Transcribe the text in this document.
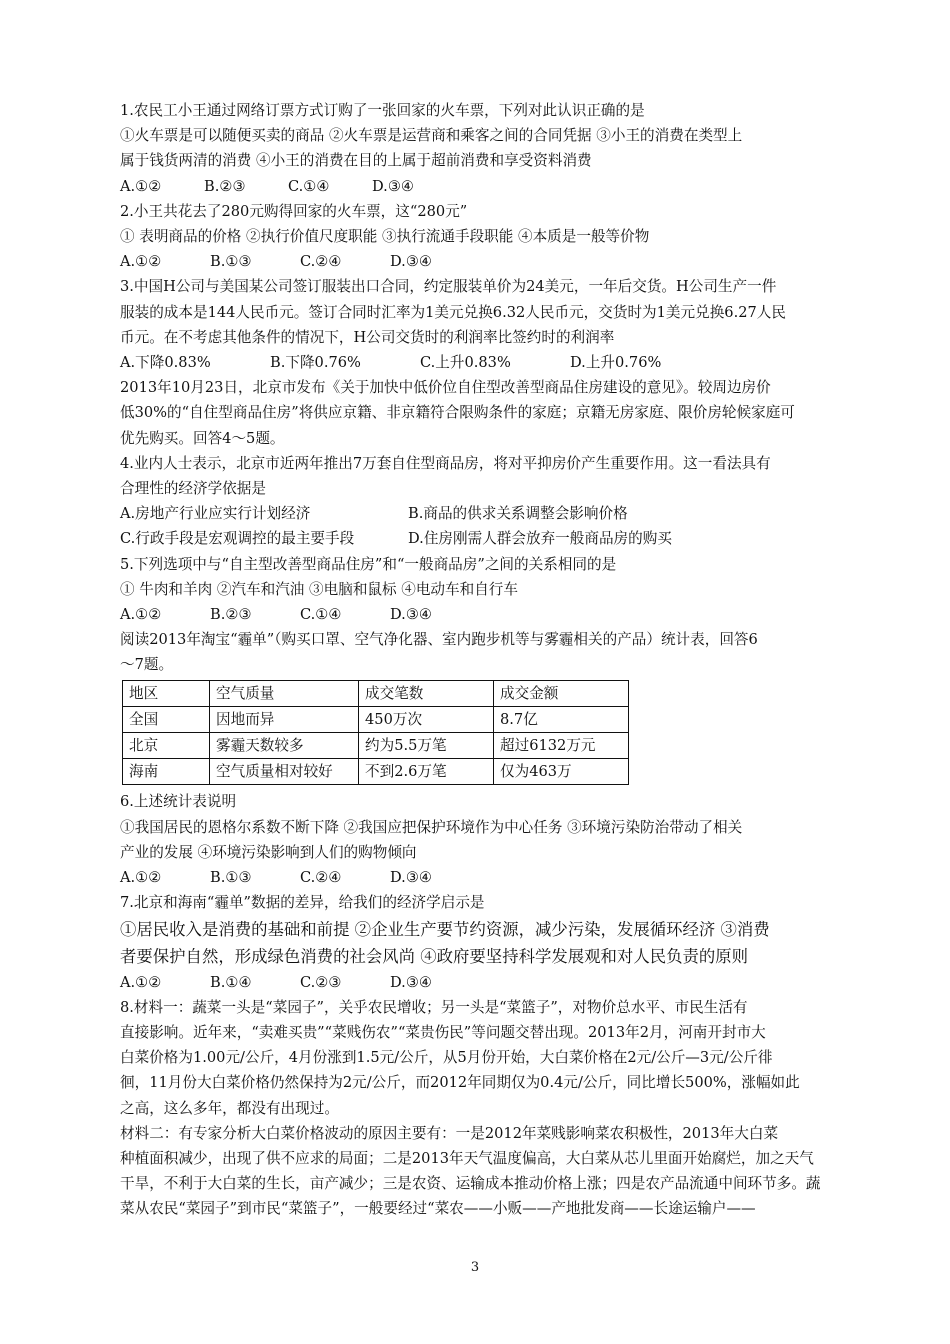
1.农民工小王通过网络订票方式订购了一张回家的火车票，下列对此认识正确的是

①火车票是可以随便买卖的商品 ②火车票是运营商和乘客之间的合同凭据 ③小王的消费在类型上

属于钱货两清的消费 ④小王的消费在目的上属于超前消费和享受资料消费

A.①②	B.②③	C.①④	D.③④

2.小王共花去了280元购得回家的火车票，这“280元”

① 表明商品的价格 ②执行价值尺度职能 ③执行流通手段职能 ④本质是一般等价物

A.①②	B.①③	C.②④	D.③④

3.中国H公司与美国某公司签订服装出口合同，约定服装单价为24美元，一年后交货。H公司生产一件

服装的成本是144人民币元。签订合同时汇率为1美元兑换6.32人民币元，交货时为1美元兑换6.27人民

币元。在不考虑其他条件的情况下，H公司交货时的利润率比签约时的利润率

A.下降0.83%	B.下降0.76%	C.上升0.83%	D.上升0.76%

2013年10月23日，北京市发布《关于加快中低价位自住型改善型商品住房建设的意见》。较周边房价

低30%的“自住型商品住房”将供应京籍、非京籍符合限购条件的家庭；京籍无房家庭、限价房轮候家庭可

优先购买。回答4～5题。

4.业内人士表示，北京市近两年推出7万套自住型商品房，将对平抑房价产生重要作用。这一看法具有

合理性的经济学依据是

A.房地产行业应实行计划经济	B.商品的供求关系调整会影响价格
C.行政手段是宏观调控的最主要手段	D.住房刚需人群会放弃一般商品房的购买

5.下列选项中与“自主型改善型商品住房”和“一般商品房”之间的关系相同的是

① 牛肉和羊肉 ②汽车和汽油 ③电脑和鼠标 ④电动车和自行车

A.①②	B.②③	C.①④	D.③④

阅读2013年淘宝“霾单”（购买口罩、空气净化器、室内跑步机等与雾霾相关的产品）统计表，回答6

～7题。

地区	空气质量	成交笔数	成交金额
全国	因地而异	450万次	8.7亿
北京	雾霾天数较多	约为5.5万笔	超过6132万元
海南	空气质量相对较好	不到2.6万笔	仅为463万

6.上述统计表说明

①我国居民的恩格尔系数不断下降 ②我国应把保护环境作为中心任务 ③环境污染防治带动了相关

产业的发展 ④环境污染影响到人们的购物倾向

A.①②	B.①③	C.②④	D.③④

7.北京和海南“霾单”数据的差异，给我们的经济学启示是

①居民收入是消费的基础和前提 ②企业生产要节约资源，减少污染，发展循环经济 ③消费

者要保护自然，形成绿色消费的社会风尚 ④政府要坚持科学发展观和对人民负责的原则

A.①②	B.①④	C.②③	D.③④

8.材料一：蔬菜一头是“菜园子”，关乎农民增收；另一头是“菜篮子”，对物价总水平、市民生活有

直接影响。近年来，“卖难买贵”“菜贱伤农”“菜贵伤民”等问题交替出现。2013年2月，河南开封市大

白菜价格为1.00元/公斤，4月份涨到1.5元/公斤，从5月份开始，大白菜价格在2元/公斤—3元/公斤徘

徊，11月份大白菜价格仍然保持为2元/公斤，而2012年同期仅为0.4元/公斤，同比增长500%，涨幅如此

之高，这么多年，都没有出现过。

材料二：有专家分析大白菜价格波动的原因主要有：一是2012年菜贱影响菜农积极性，2013年大白菜

种植面积减少，出现了供不应求的局面；二是2013年天气温度偏高，大白菜从芯儿里面开始腐烂，加之天气

干旱，不利于大白菜的生长，亩产减少；三是农资、运输成本推动价格上涨；四是农产品流通中间环节多。蔬

菜从农民“菜园子”到市民“菜篮子”，一般要经过“菜农——小贩——产地批发商——长途运输户——

3
